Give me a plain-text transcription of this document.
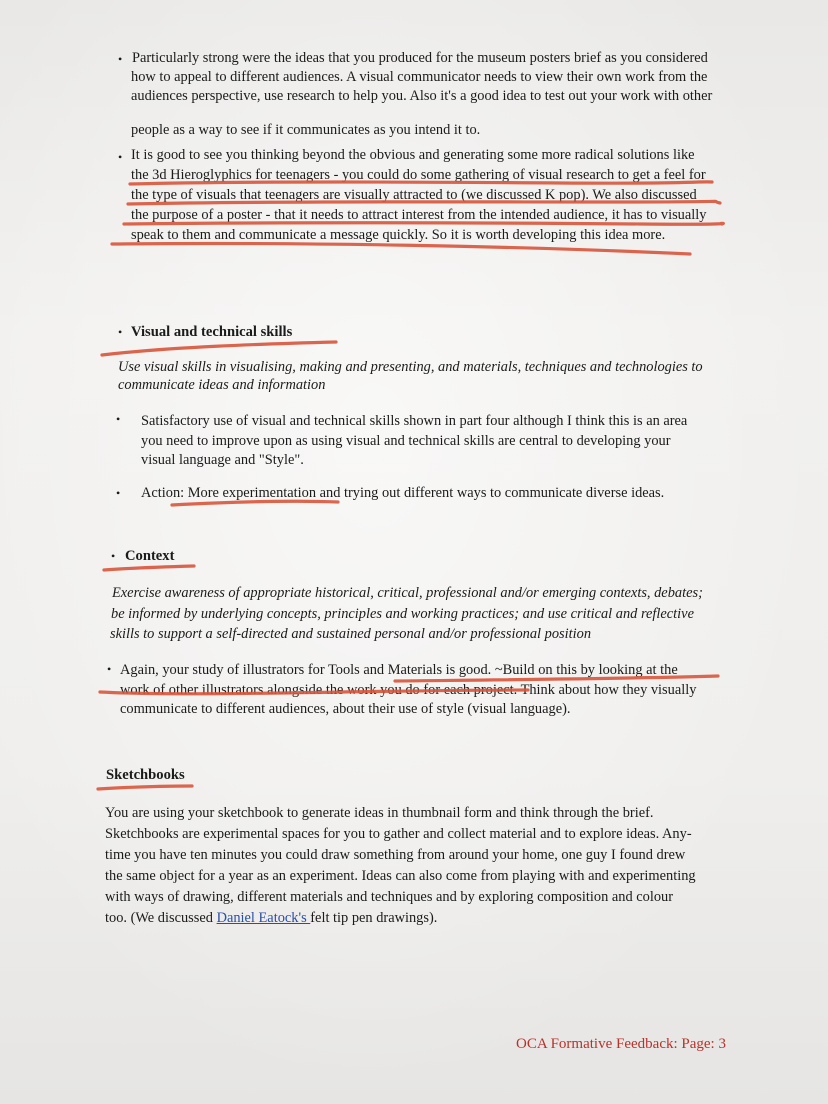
• Particularly strong were the ideas that you produced for the museum posters brief as you considered

how to appeal to different audiences. A visual communicator needs to view their own work from the

audiences perspective, use research to help you. Also it's a good idea to test out your work with other

people as a way to see if it communicates as you intend it to.

• It is good to see you thinking beyond the obvious and generating some more radical solutions like

the 3d Hieroglyphics for teenagers - you could do some gathering of visual research to get a feel for

the type of visuals that teenagers are visually attracted to (we discussed K pop). We also discussed

the purpose of a poster - that it needs to attract interest from the intended audience, it has to visually

speak to them and communicate a message quickly. So it is worth developing this idea more.

• Visual and technical skills

Use visual skills in visualising, making and presenting, and materials, techniques and technologies to

communicate ideas and information

• Satisfactory use of visual and technical skills shown in part four although I think this is an area

you need to improve upon as using visual and technical skills are central to developing your

visual language and "Style".

• Action: More experimentation and trying out different ways to communicate diverse ideas.

• Context

Exercise awareness of appropriate historical, critical, professional and/or emerging contexts, debates;

be informed by underlying concepts, principles and working practices; and use critical and reflective

skills to support a self-directed and sustained personal and/or professional position

• Again, your study of illustrators for Tools and Materials is good. ~Build on this by looking at the

work of other illustrators alongside the work you do for each project. Think about how they visually

communicate to different audiences, about their use of style (visual language).

Sketchbooks

You are using your sketchbook to generate ideas in thumbnail form and think through the brief.

Sketchbooks are experimental spaces for you to gather and collect material and to explore ideas. Any-

time you have ten minutes you could draw something from around your home, one guy I found drew

the same object for a year as an experiment. Ideas can also come from playing with and experimenting

with ways of drawing, different materials and techniques and by exploring composition and colour

too. (We discussed Daniel Eatock's felt tip pen drawings).

OCA Formative Feedback: Page: 3
